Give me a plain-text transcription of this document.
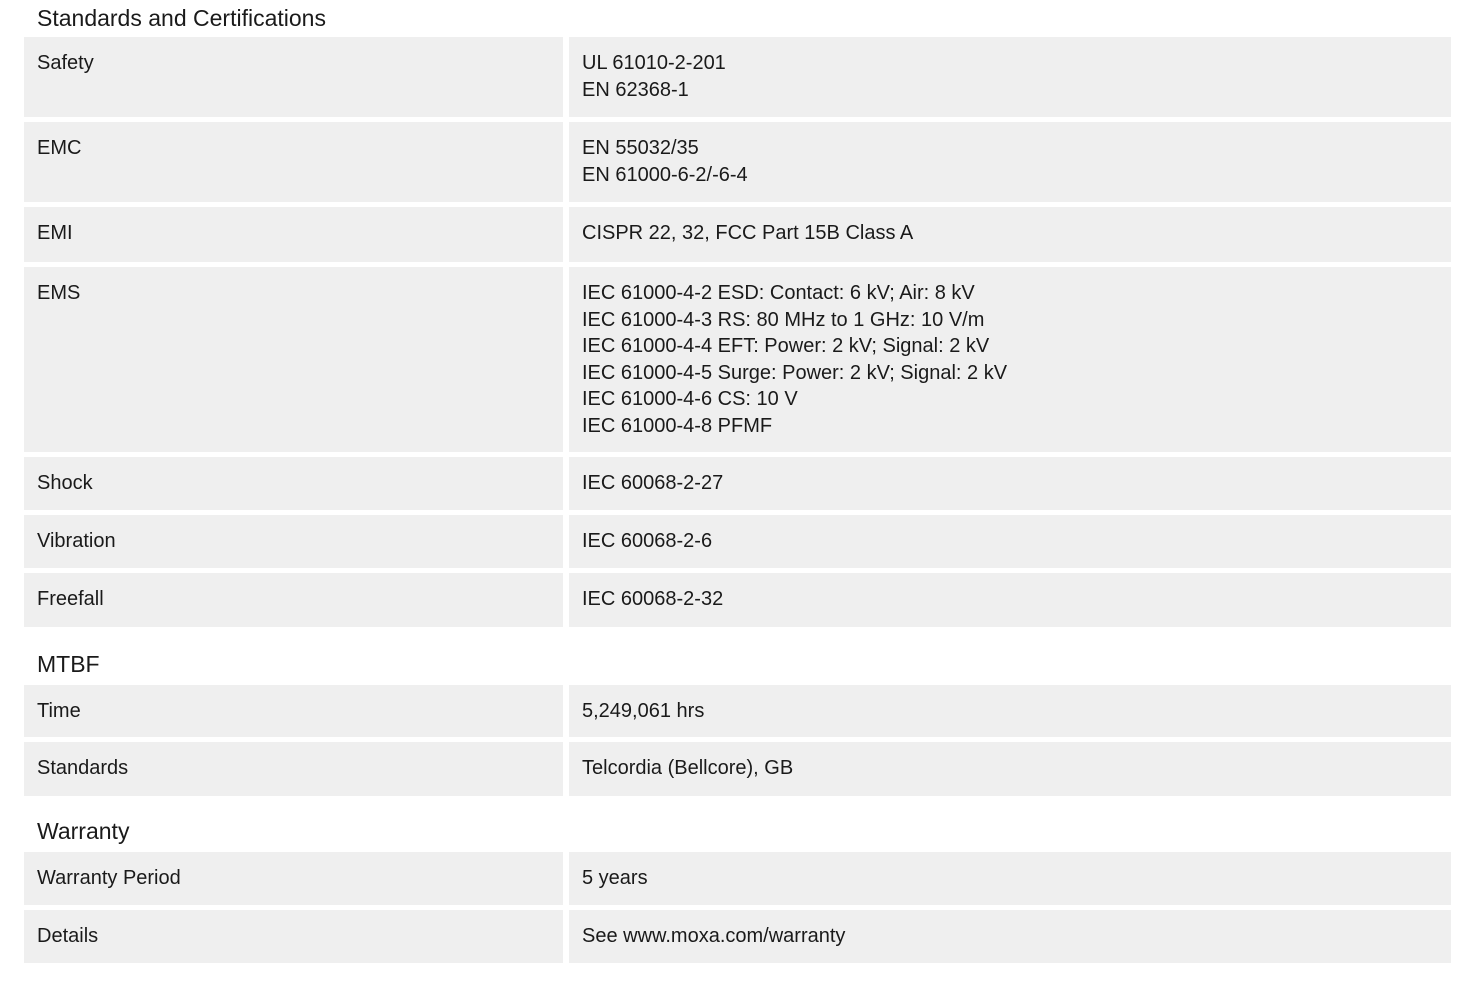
Standards and Certifications
Safety	UL 61010-2-201
EN 62368-1
EMC	EN 55032/35
EN 61000-6-2/-6-4
EMI	CISPR 22, 32, FCC Part 15B Class A
EMS	IEC 61000-4-2 ESD: Contact: 6 kV; Air: 8 kV
IEC 61000-4-3 RS: 80 MHz to 1 GHz: 10 V/m
IEC 61000-4-4 EFT: Power: 2 kV; Signal: 2 kV
IEC 61000-4-5 Surge: Power: 2 kV; Signal: 2 kV
IEC 61000-4-6 CS: 10 V
IEC 61000-4-8 PFMF
Shock	IEC 60068-2-27
Vibration	IEC 60068-2-6
Freefall	IEC 60068-2-32
MTBF
Time	5,249,061 hrs
Standards	Telcordia (Bellcore), GB
Warranty
Warranty Period	5 years
Details	See www.moxa.com/warranty
